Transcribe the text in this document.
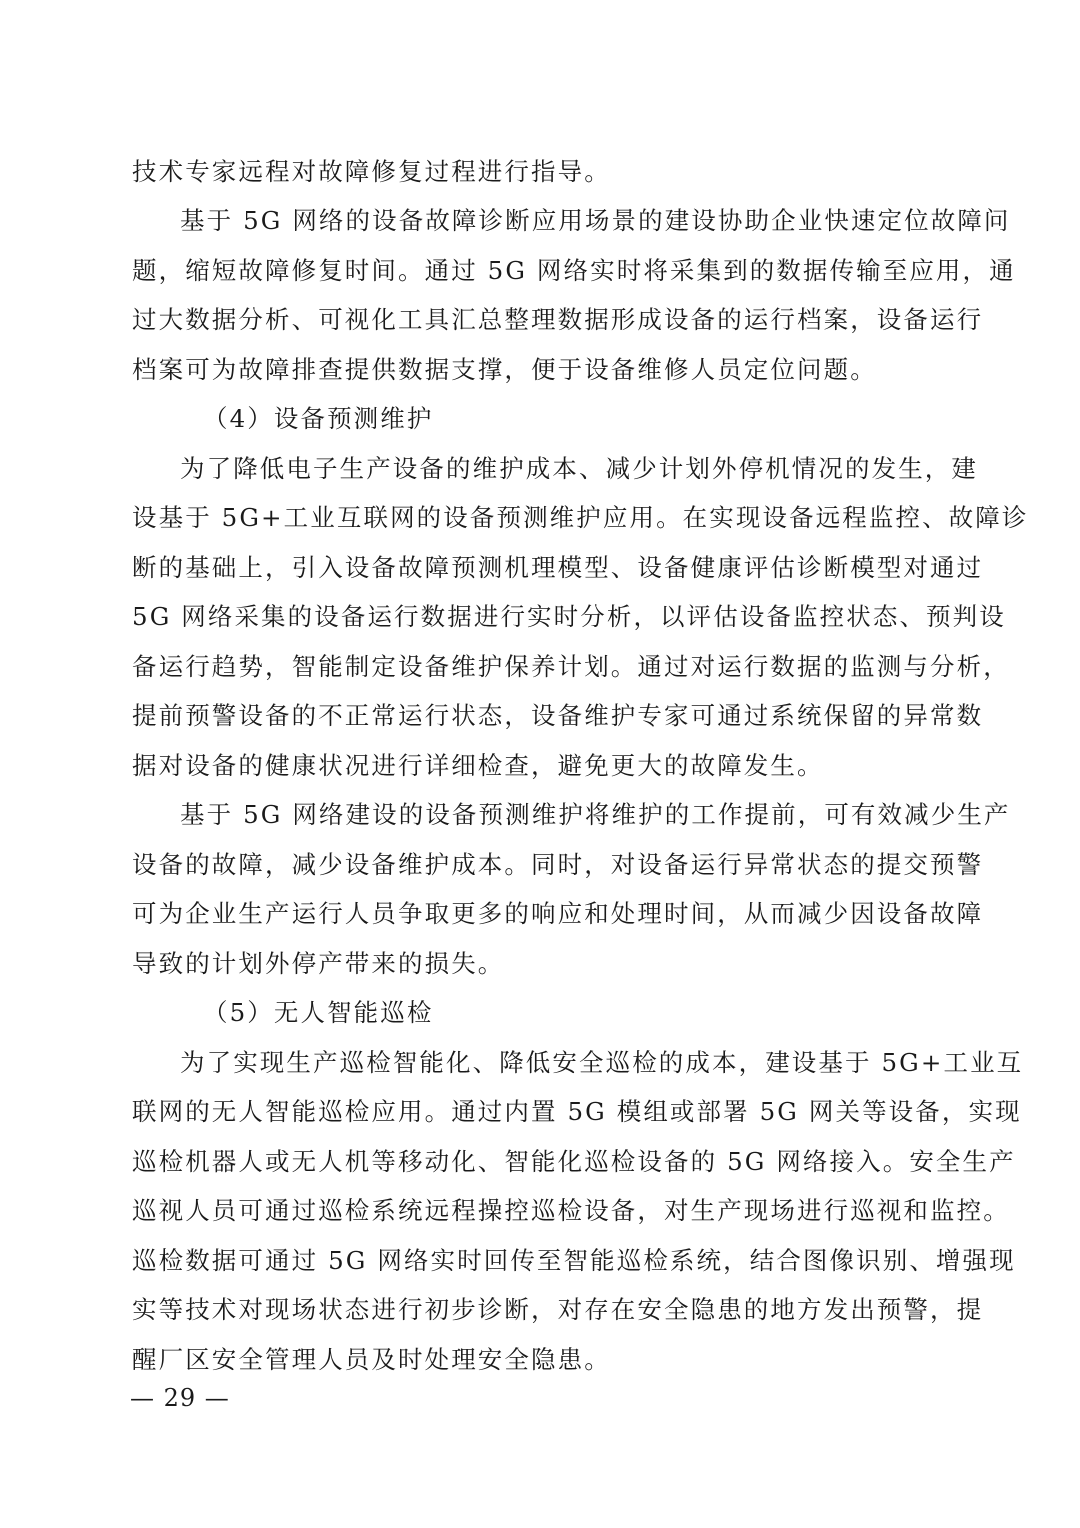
技术专家远程对故障修复过程进行指导。

基于 5G 网络的设备故障诊断应用场景的建设协助企业快速定位故障问

题，缩短故障修复时间。通过 5G 网络实时将采集到的数据传输至应用，通

过大数据分析、可视化工具汇总整理数据形成设备的运行档案，设备运行

档案可为故障排查提供数据支撑，便于设备维修人员定位问题。

（4）设备预测维护

为了降低电子生产设备的维护成本、减少计划外停机情况的发生，建

设基于 5G+工业互联网的设备预测维护应用。在实现设备远程监控、故障诊

断的基础上，引入设备故障预测机理模型、设备健康评估诊断模型对通过

5G 网络采集的设备运行数据进行实时分析，以评估设备监控状态、预判设

备运行趋势，智能制定设备维护保养计划。通过对运行数据的监测与分析，

提前预警设备的不正常运行状态，设备维护专家可通过系统保留的异常数

据对设备的健康状况进行详细检查，避免更大的故障发生。

基于 5G 网络建设的设备预测维护将维护的工作提前，可有效减少生产

设备的故障，减少设备维护成本。同时，对设备运行异常状态的提交预警

可为企业生产运行人员争取更多的响应和处理时间，从而减少因设备故障

导致的计划外停产带来的损失。

（5）无人智能巡检

为了实现生产巡检智能化、降低安全巡检的成本，建设基于 5G+工业互

联网的无人智能巡检应用。通过内置 5G 模组或部署 5G 网关等设备，实现

巡检机器人或无人机等移动化、智能化巡检设备的 5G 网络接入。安全生产

巡视人员可通过巡检系统远程操控巡检设备，对生产现场进行巡视和监控。

巡检数据可通过 5G 网络实时回传至智能巡检系统，结合图像识别、增强现

实等技术对现场状态进行初步诊断，对存在安全隐患的地方发出预警，提

醒厂区安全管理人员及时处理安全隐患。

— 29 —
